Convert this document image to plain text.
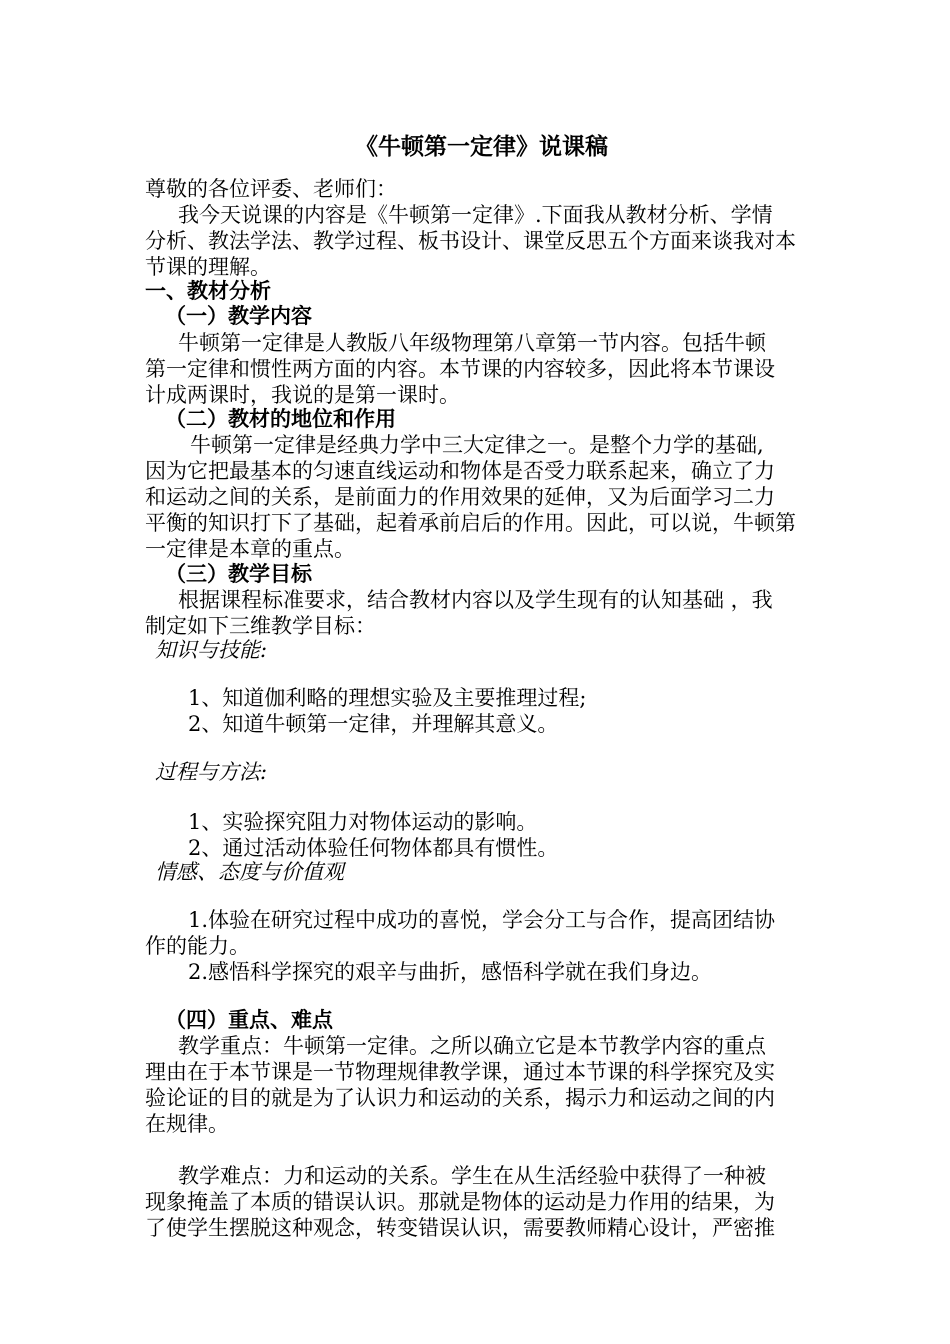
《牛顿第一定律》说课稿
尊敬的各位评委、老师们：
我今天说课的内容是《牛顿第一定律》.下面我从教材分析、学情
分析、教法学法、教学过程、板书设计、课堂反思五个方面来谈我对本
节课的理解。
一、教材分析
（一）教学内容
牛顿第一定律是人教版八年级物理第八章第一节内容。包括牛顿
第一定律和惯性两方面的内容。本节课的内容较多，因此将本节课设
计成两课时，我说的是第一课时。
（二）教材的地位和作用
牛顿第一定律是经典力学中三大定律之一。是整个力学的基础,
因为它把最基本的匀速直线运动和物体是否受力联系起来，确立了力
和运动之间的关系，是前面力的作用效果的延伸，又为后面学习二力
平衡的知识打下了基础，起着承前启后的作用。因此，可以说，牛顿第
一定律是本章的重点。
（三）教学目标
根据课程标准要求，结合教材内容以及学生现有的认知基础 ，我
制定如下三维教学目标：
知识与技能:
1、知道伽利略的理想实验及主要推理过程;
2、知道牛顿第一定律，并理解其意义。
过程与方法:
1、实验探究阻力对物体运动的影响。
2、通过活动体验任何物体都具有惯性。
情感、态度与价值观
1.体验在研究过程中成功的喜悦，学会分工与合作，提高团结协
作的能力。
2.感悟科学探究的艰辛与曲折，感悟科学就在我们身边。
（四）重点、难点
教学重点：牛顿第一定律。之所以确立它是本节教学内容的重点
理由在于本节课是一节物理规律教学课，通过本节课的科学探究及实
验论证的目的就是为了认识力和运动的关系，揭示力和运动之间的内
在规律。
教学难点：力和运动的关系。学生在从生活经验中获得了一种被
现象掩盖了本质的错误认识。那就是物体的运动是力作用的结果，为
了使学生摆脱这种观念，转变错误认识，需要教师精心设计，严密推
